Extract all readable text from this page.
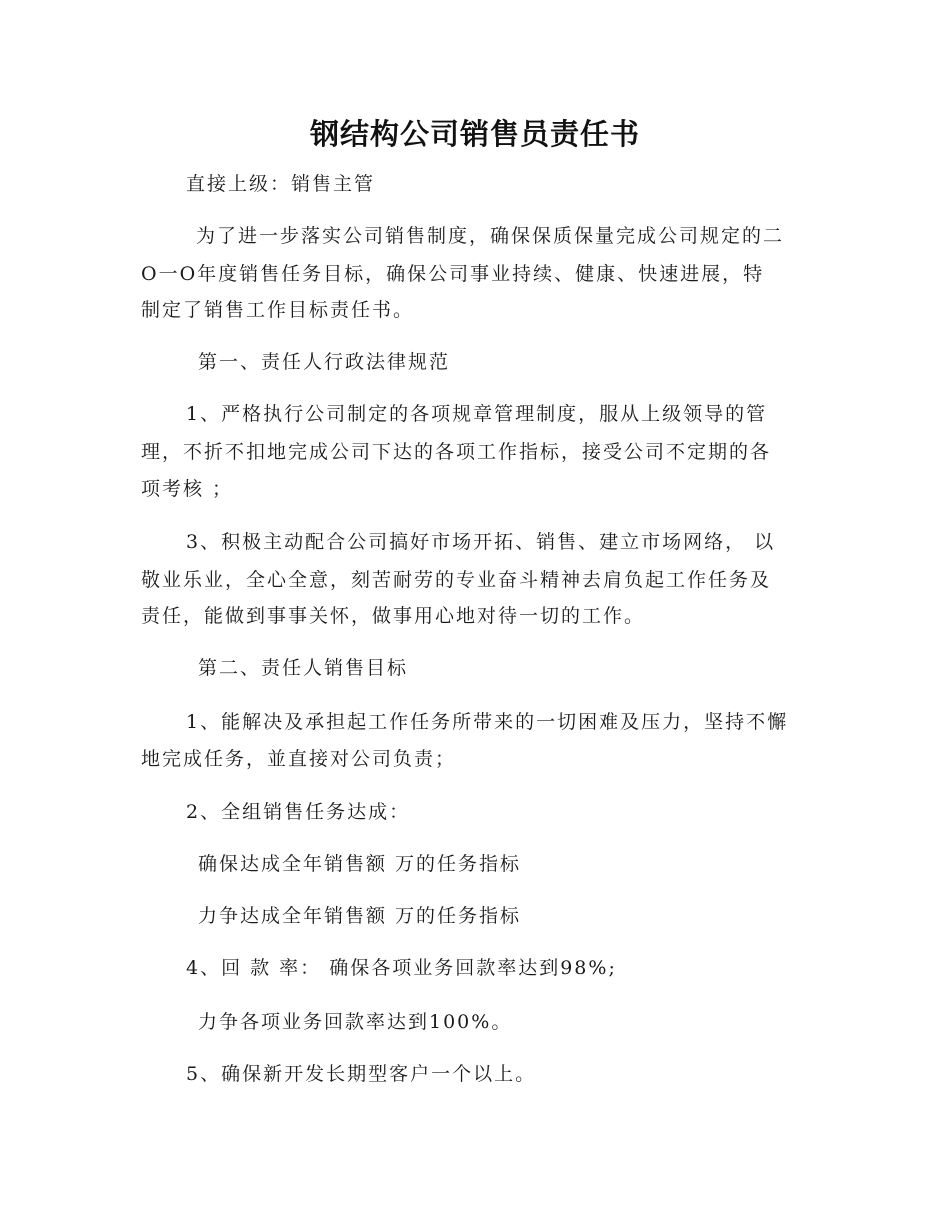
钢结构公司销售员责任书
直接上级：销售主管
为了进一步落实公司销售制度，确保保质保量完成公司规定的二
O一O年度销售任务目标，确保公司事业持续、健康、快速进展，特
制定了销售工作目标责任书。
第一、责任人行政法律规范
1、严格执行公司制定的各项规章管理制度，服从上级领导的管
理，不折不扣地完成公司下达的各项工作指标，接受公司不定期的各
项考核 ；
3、积极主动配合公司搞好市场开拓、销售、建立市场网络， 以
敬业乐业，全心全意，刻苦耐劳的专业奋斗精神去肩负起工作任务及
责任，能做到事事关怀，做事用心地对待一切的工作。
第二、责任人销售目标
1、能解决及承担起工作任务所带来的一切困难及压力，坚持不懈
地完成任务，並直接对公司负责；
2、全组销售任务达成：
确保达成全年销售额 万的任务指标
力争达成全年销售额 万的任务指标
4、回 款 率： 确保各项业务回款率达到98%;
力争各项业务回款率达到100%。
5、确保新开发长期型客户一个以上。
